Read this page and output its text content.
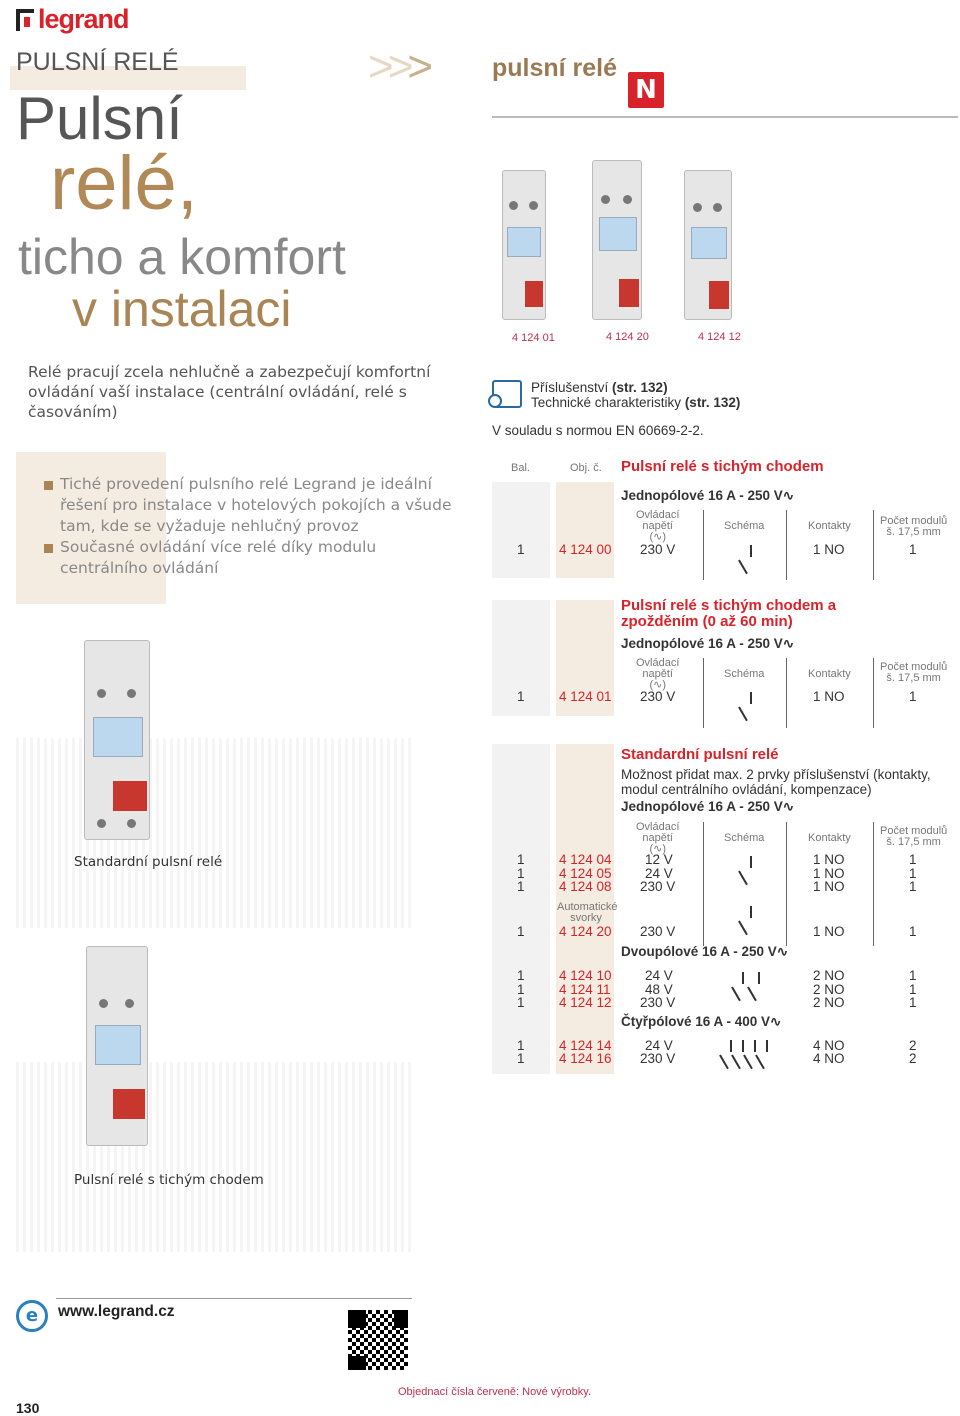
legrand
PULSNÍ RELÉ	>>>	pulsní relé
N
Pulsní
relé,
ticho a komfort
v instalaci
Relé pracují zcela nehlučně a zabezpečují komfortní ovládání vaší instalace (centrální ovládání, relé s časováním)
Tiché provedení pulsního relé Legrand je ideální řešení pro instalace v hotelových pokojích a všude tam, kde se vyžaduje nehlučný provoz
Současné ovládání více relé díky modulu centrálního ovládání
4 124 01	4 124 20	4 124 12
Příslušenství (str. 132)
Technické charakteristiky (str. 132)
V souladu s normou EN 60669-2-2.
Bal.	Obj. č. Pulsní relé s tichým chodem
Jednopólové 16 A - 250 V∿
Ovládací
napětí
(∿)
Schéma	Kontakty	Počet modulů
š. 17,5 mm
1	4 124 00 230 V	1 NO	1
Pulsní relé s tichým chodem a zpožděním (0 až 60 min)
Jednopólové 16 A - 250 V∿
Ovládací
napětí
(∿)
Schéma	Kontakty
Počet modulů
š. 17,5 mm
1	4 124 01 230 V	1 NO	1
Standardní pulsní relé
Možnost přidat max. 2 prvky příslušenství (kontakty, modul centrálního ovládání, kompenzace)
Jednopólové 16 A - 250 V∿
Ovládací
napětí
(∿)
Schéma	Kontakty
Počet modulů
š. 17,5 mm
1	4 124 04 12 V	1 NO	1
1	4 124 05 24 V	1 NO	1
1	4 124 08 230 V	1 NO	1
Automatické svorky
1	4 124 20 230 V	1 NO	1
Dvoupólové 16 A - 250 V∿
1	4 124 10 24 V	2 NO	1
1	4 124 11	48 V	2 NO	1
1	4 124 12 230 V	2 NO	1
Čtyřpólové 16 A - 400 V∿
1	4 124 14 24 V	4 NO	2
1	4 124 16 230 V	4 NO	2
Standardní pulsní relé
Pulsní relé s tichým chodem
e	www.legrand.cz
130
Objednací čísla červeně: Nové výrobky.
